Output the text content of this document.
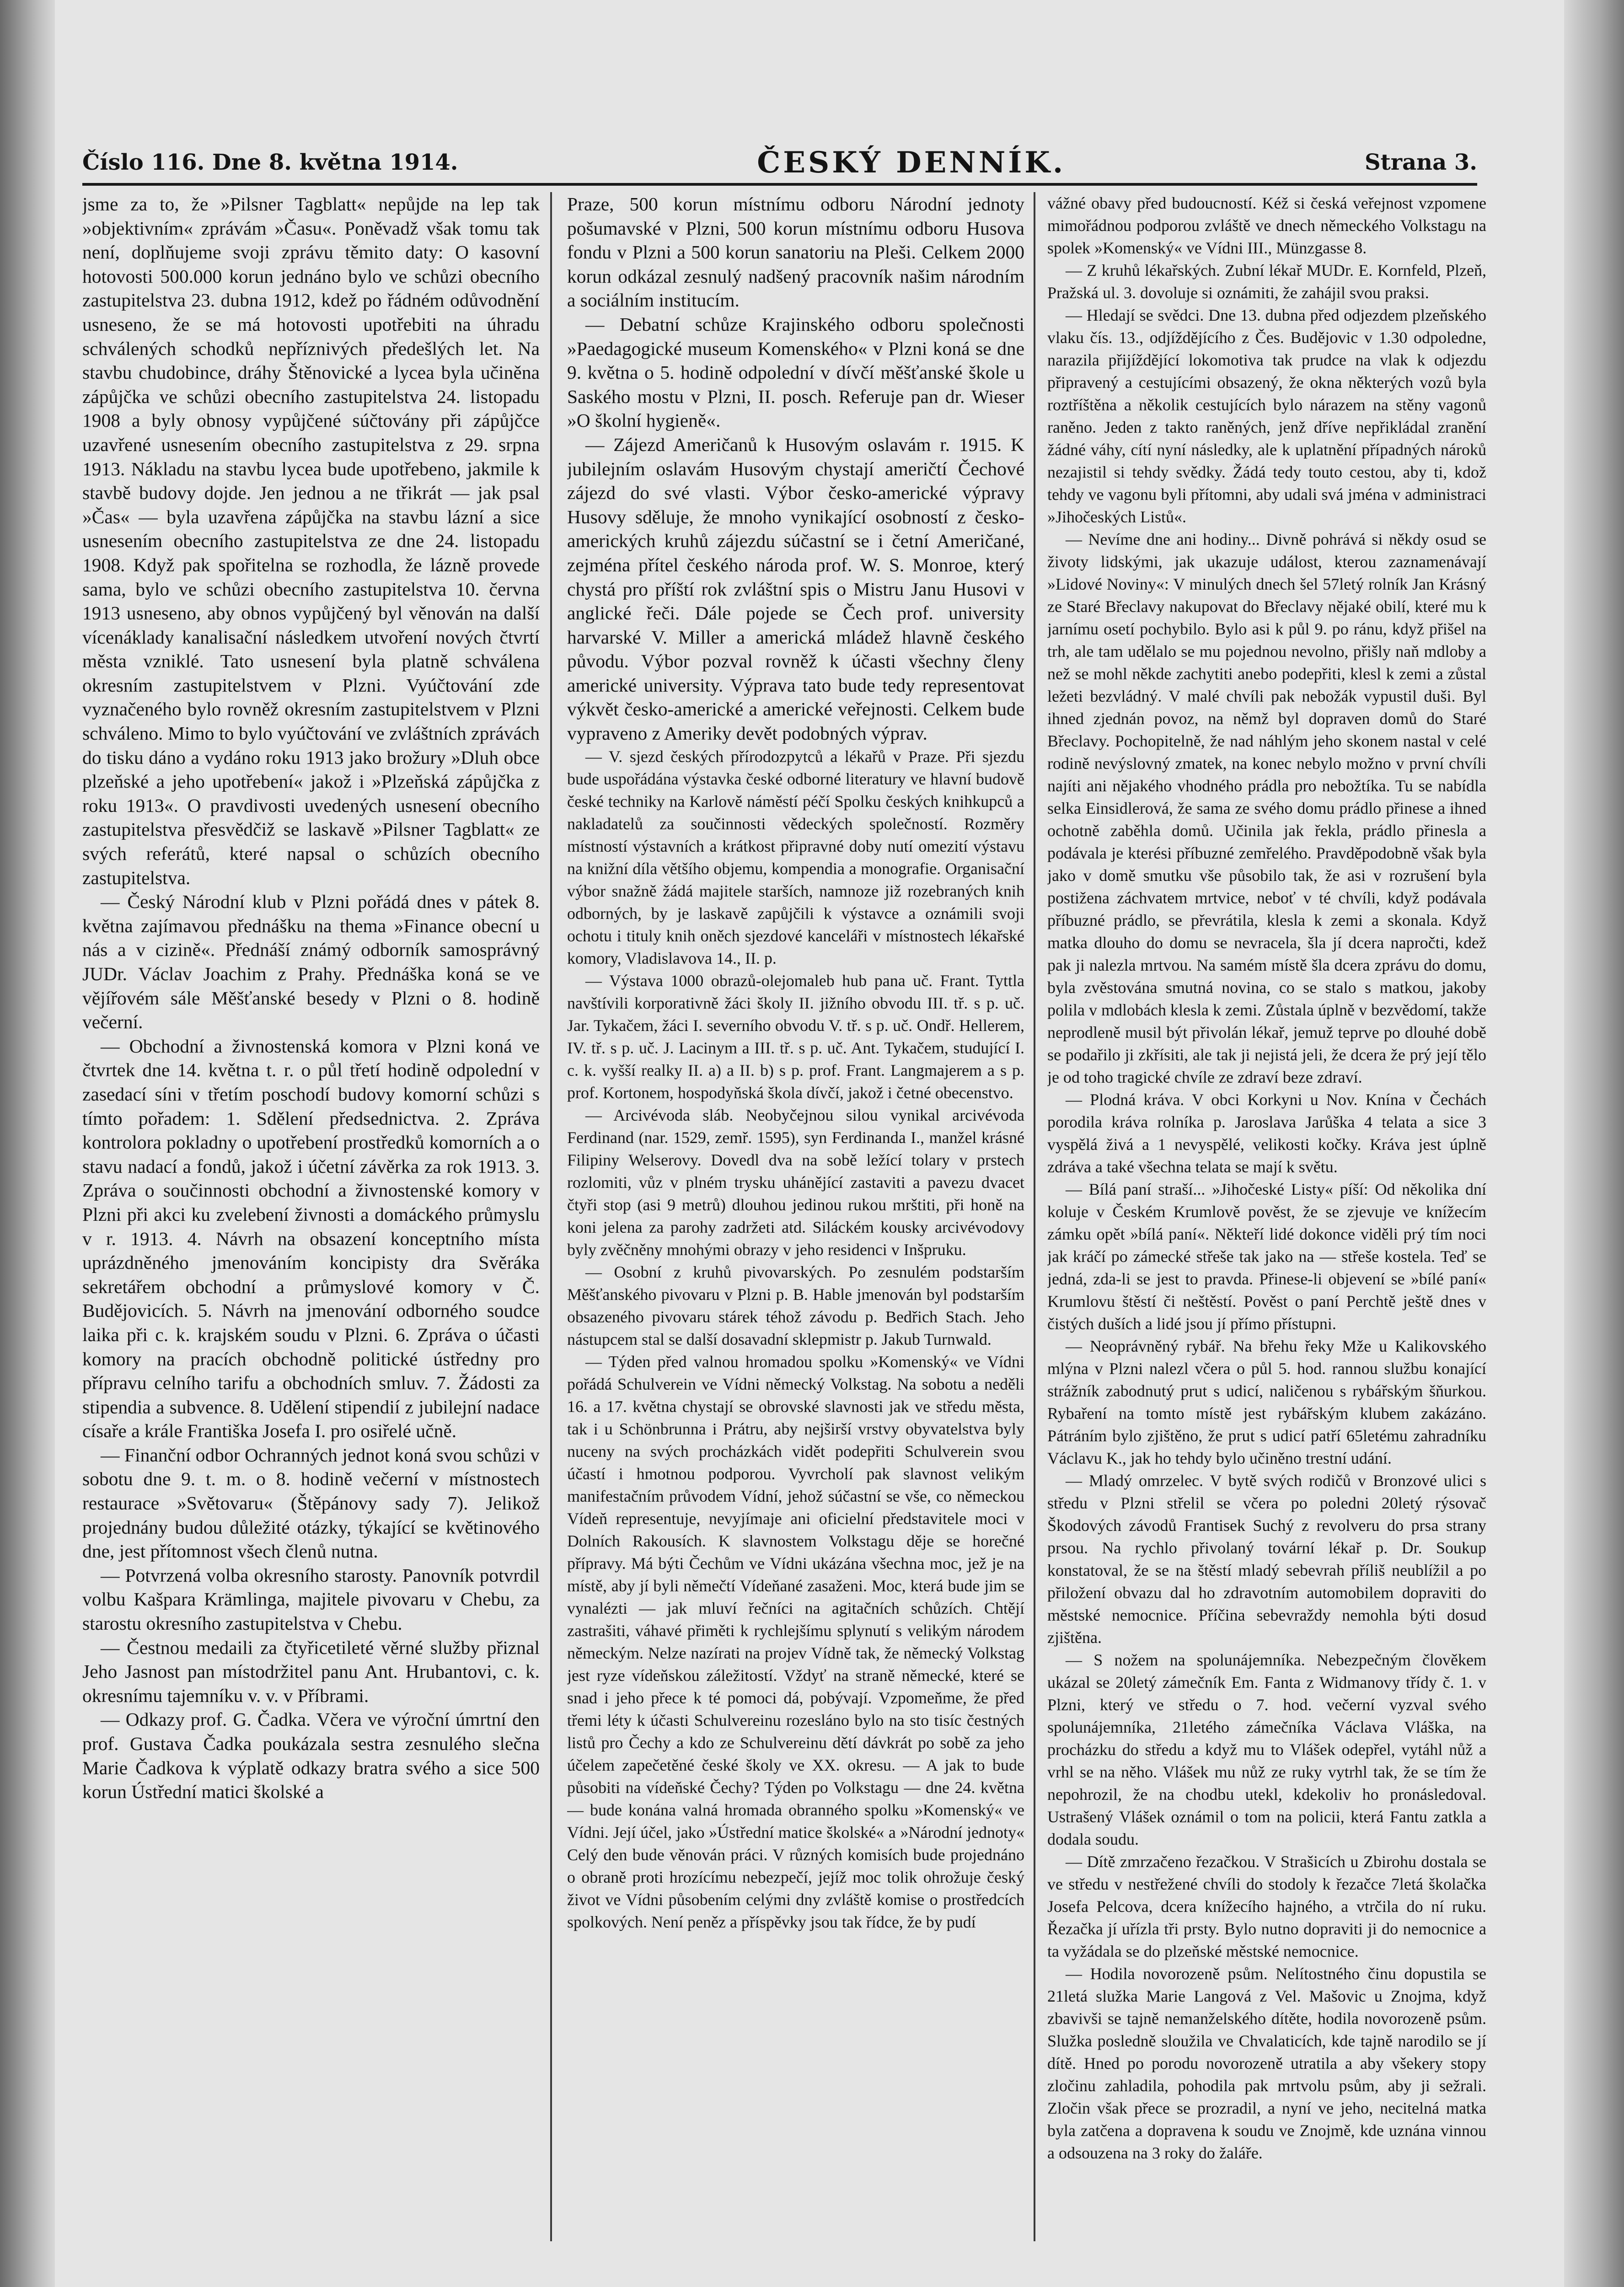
Číslo 116. Dne 8. května 1914.	ČESKÝ DENNÍK.	Strana 3.

jsme za to, že »Pilsner Tagblatt« nepůjde na lep tak »objektivním« zprávám »Času«. Poněvadž však tomu tak není, doplňujeme svoji zprávu těmito daty: O kasovní hotovosti 500.000 korun jednáno bylo ve schůzi obecního zastupitelstva 23. dubna 1912, kdež po řádném odůvodnění usneseno, že se má hotovosti upotřebiti na úhradu schválených schodků nepříznivých předešlých let. Na stavbu chudobince, dráhy Štěnovické a lycea byla učiněna zápůjčka ve schůzi obecního zastupitelstva 24. listopadu 1908 a byly obnosy vypůjčené súčtovány při zápůjčce uzavřené usnesením obecního zastupitelstva z 29. srpna 1913. Nákladu na stavbu lycea bude upotřebeno, jakmile k stavbě budovy dojde. Jen jednou a ne třikrát — jak psal »Čas« — byla uzavřena zápůjčka na stavbu lázní a sice usnesením obecního zastupitelstva ze dne 24. listopadu 1908. Když pak spořitelna se rozhodla, že lázně provede sama, bylo ve schůzi obecního zastupitelstva 10. června 1913 usneseno, aby obnos vypůjčený byl věnován na další vícenáklady kanalisační následkem utvoření nových čtvrtí města vzniklé. Tato usnesení byla platně schválena okresním zastupitelstvem v Plzni. Vyúčtování zde vyznačeného bylo rovněž okresním zastupitelstvem v Plzni schváleno. Mimo to bylo vyúčtování ve zvláštních zprávách do tisku dáno a vydáno roku 1913 jako brožury »Dluh obce plzeňské a jeho upotřebení« jakož i »Plzeňská zápůjčka z roku 1913«. O pravdivosti uvedených usnesení obecního zastupitelstva přesvědčiž se laskavě »Pilsner Tagblatt« ze svých referátů, které napsal o schůzích obecního zastupitelstva.

— Český Národní klub v Plzni pořádá dnes v pátek 8. května zajímavou přednášku na thema »Finance obecní u nás a v cizině«. Přednáší známý odborník samosprávný JUDr. Václav Joachim z Prahy. Přednáška koná se ve vějířovém sále Měšťanské besedy v Plzni o 8. hodině večerní.

— Obchodní a živnostenská komora v Plzni koná ve čtvrtek dne 14. května t. r. o půl třetí hodině odpolední v zasedací síni v třetím poschodí budovy komorní schůzi s tímto pořadem: 1. Sdělení předsednictva. 2. Zpráva kontrolora pokladny o upotřebení prostředků komorních a o stavu nadací a fondů, jakož i účetní závěrka za rok 1913. 3. Zpráva o součinnosti obchodní a živnostenské komory v Plzni při akci ku zvelebení živnosti a domáckého průmyslu v r. 1913. 4. Návrh na obsazení konceptního místa uprázdněného jmenováním koncipisty dra Svěráka sekretářem obchodní a průmyslové komory v Č. Budějovicích. 5. Návrh na jmenování odborného soudce laika při c. k. krajském soudu v Plzni. 6. Zpráva o účasti komory na pracích obchodně politické ústředny pro přípravu celního tarifu a obchodních smluv. 7. Žádosti za stipendia a subvence. 8. Udělení stipendií z jubilejní nadace císaře a krále Františka Josefa I. pro osiřelé učně.

— Finanční odbor Ochranných jednot koná svou schůzi v sobotu dne 9. t. m. o 8. hodině večerní v místnostech restaurace »Světovaru« (Štěpánovy sady 7). Jelikož projednány budou důležité otázky, týkající se květinového dne, jest přítomnost všech členů nutna.

— Potvrzená volba okresního starosty. Panovník potvrdil volbu Kašpara Krämlinga, majitele pivovaru v Chebu, za starostu okresního zastupitelstva v Chebu.

— Čestnou medaili za čtyřicetileté věrné služby přiznal Jeho Jasnost pan místodržitel panu Ant. Hrubantovi, c. k. okresnímu tajemníku v. v. v Příbrami.

— Odkazy prof. G. Čadka. Včera ve výroční úmrtní den prof. Gustava Čadka poukázala sestra zesnulého slečna Marie Čadkova k výplatě odkazy bratra svého a sice 500 korun Ústřední matici školské a

Praze, 500 korun místnímu odboru Národní jednoty pošumavské v Plzni, 500 korun místnímu odboru Husova fondu v Plzni a 500 korun sanatoriu na Pleši. Celkem 2000 korun odkázal zesnulý nadšený pracovník našim národním a sociálním institucím.

— Debatní schůze Krajinského odboru společnosti »Paedagogické museum Komenského« v Plzni koná se dne 9. května o 5. hodině odpolední v dívčí měšťanské škole u Saského mostu v Plzni, II. posch. Referuje pan dr. Wieser »O školní hygieně«.

— Zájezd Američanů k Husovým oslavám r. 1915. K jubilejním oslavám Husovým chystají američtí Čechové zájezd do své vlasti. Výbor česko-americké výpravy Husovy sděluje, že mnoho vynikající osobností z česko-amerických kruhů zájezdu súčastní se i četní Američané, zejména přítel českého národa prof. W. S. Monroe, který chystá pro příští rok zvláštní spis o Mistru Janu Husovi v anglické řeči. Dále pojede se Čech prof. university harvarské V. Miller a americká mládež hlavně českého původu. Výbor pozval rovněž k účasti všechny členy americké university. Výprava tato bude tedy representovat výkvět česko-americké a americké veřejnosti. Celkem bude vypraveno z Ameriky devět podobných výprav.

— V. sjezd českých přírodozpytců a lékařů v Praze. Při sjezdu bude uspořádána výstavka české odborné literatury ve hlavní budově české techniky na Karlově náměstí péčí Spolku českých knihkupců a nakladatelů za součinnosti vědeckých společností. Rozměry místností výstavních a krátkost připravné doby nutí omezití výstavu na knižní díla většího objemu, kompendia a monografie. Organisační výbor snažně žádá majitele starších, namnoze již rozebraných knih odborných, by je laskavě zapůjčili k výstavce a oznámili svoji ochotu i tituly knih oněch sjezdové kanceláři v místnostech lékařské komory, Vladislavova 14., II. p.

— Výstava 1000 obrazů-olejomaleb hub pana uč. Frant. Tyttla navštívili korporativně žáci školy II. jižního obvodu III. tř. s p. uč. Jar. Tykačem, žáci I. severního obvodu V. tř. s p. uč. Ondř. Hellerem, IV. tř. s p. uč. J. Lacinym a III. tř. s p. uč. Ant. Tykačem, studující I. c. k. vyšší realky II. a) a II. b) s p. prof. Frant. Langmajerem a s p. prof. Kortonem, hospodyňská škola dívčí, jakož i četné obecenstvo.

— Arcivévoda sláb. Neobyčejnou silou vynikal arcivévoda Ferdinand (nar. 1529, zemř. 1595), syn Ferdinanda I., manžel krásné Filipiny Welserovy. Dovedl dva na sobě ležící tolary v prstech rozlomiti, vůz v plném trysku uhánějící zastaviti a pavezu dvacet čtyři stop (asi 9 metrů) dlouhou jedinou rukou mrštiti, při honě na koni jelena za parohy zadržeti atd. Siláckém kousky arcivévodovy byly zvěčněny mnohými obrazy v jeho residenci v Inšpruku.

— Osobní z kruhů pivovarských. Po zesnulém podstarším Měšťanského pivovaru v Plzni p. B. Hable jmenován byl podstarším obsazeného pivovaru stárek téhož závodu p. Bedřich Stach. Jeho nástupcem stal se další dosavadní sklepmistr p. Jakub Turnwald.

— Týden před valnou hromadou spolku »Komenský« ve Vídni pořádá Schulverein ve Vídni německý Volkstag. Na sobotu a neděli 16. a 17. května chystají se obrovské slavnosti jak ve středu města, tak i u Schönbrunna i Prátru, aby nejširší vrstvy obyvatelstva byly nuceny na svých procházkách vidět podepřiti Schulverein svou účastí i hmotnou podporou. Vyvrcholí pak slavnost velikým manifestačním průvodem Vídní, jehož súčastní se vše, co německou Vídeň representuje, nevyjímaje ani oficielní představitele moci v Dolních Rakousích. K slavnostem Volkstagu děje se horečné přípravy. Má býti Čechům ve Vídni ukázána všechna moc, jež je na místě, aby jí byli němečtí Vídeňané zasaženi. Moc, která bude jim se vynalézti — jak mluví řečníci na agitačních schůzích. Chtějí zastrašiti, váhavé přiměti k rychlejšímu splynutí s velikým národem německým. Nelze nazírati na projev Vídně tak, že německý Volkstag jest ryze vídeňskou záležitostí. Vždyť na straně německé, které se snad i jeho přece k té pomoci dá, pobývají. Vzpomeňme, že před třemi léty k účasti Schulvereinu rozesláno bylo na sto tisíc čestných listů pro Čechy a kdo ze Schulvereinu dětí dávkrát po sobě za jeho účelem zapečetěné české školy ve XX. okresu. — A jak to bude působiti na vídeňské Čechy? Týden po Volkstagu — dne 24. května — bude konána valná hromada obranného spolku »Komenský« ve Vídni. Její účel, jako »Ústřední matice školské« a »Národní jednoty« Celý den bude věnován práci. V různých komisích bude projednáno o obraně proti hrozícímu nebezpečí, jejíž moc tolik ohrožuje český život ve Vídni působením celými dny zvláště komise o prostředcích spolkových. Není peněz a příspěvky jsou tak řídce, že by pudí

vážné obavy před budoucností. Kéž si česká veřejnost vzpomene mimořádnou podporou zvláště ve dnech německého Volkstagu na spolek »Komenský« ve Vídni III., Münzgasse 8.

— Z kruhů lékařských. Zubní lékař MUDr. E. Kornfeld, Plzeň, Pražská ul. 3. dovoluje si oznámiti, že zahájil svou praksi.

— Hledají se svědci. Dne 13. dubna před odjezdem plzeňského vlaku čís. 13., odjíždějícího z Čes. Budějovic v 1.30 odpoledne, narazila přijíždějící lokomotiva tak prudce na vlak k odjezdu připravený a cestujícími obsazený, že okna některých vozů byla roztříštěna a několik cestujících bylo nárazem na stěny vagonů raněno. Jeden z takto raněných, jenž dříve nepřikládal zranění žádné váhy, cítí nyní následky, ale k uplatnění případných nároků nezajistil si tehdy svědky. Žádá tedy touto cestou, aby ti, kdož tehdy ve vagonu byli přítomni, aby udali svá jména v administraci »Jihočeských Listů«.

— Nevíme dne ani hodiny... Divně pohrává si někdy osud se životy lidskými, jak ukazuje událost, kterou zaznamenávají »Lidové Noviny«: V minulých dnech šel 57letý rolník Jan Krásný ze Staré Břeclavy nakupovat do Břeclavy nějaké obilí, které mu k jarnímu osetí pochybilo. Bylo asi k půl 9. po ránu, když přišel na trh, ale tam udělalo se mu pojednou nevolno, přišly naň mdloby a než se mohl někde zachytiti anebo podepřiti, klesl k zemi a zůstal ležeti bezvládný. V malé chvíli pak nebožák vypustil duši. Byl ihned zjednán povoz, na němž byl dopraven domů do Staré Břeclavy. Pochopitelně, že nad náhlým jeho skonem nastal v celé rodině nevýslovný zmatek, na konec nebylo možno v první chvíli najíti ani nějakého vhodného prádla pro nebožtíka. Tu se nabídla selka Einsidlerová, že sama ze svého domu prádlo přinese a ihned ochotně zaběhla domů. Učinila jak řekla, prádlo přinesla a podávala je kterési příbuzné zemřelého. Pravděpodobně však byla jako v domě smutku vše působilo tak, že asi v rozrušení byla postižena záchvatem mrtvice, neboť v té chvíli, když podávala příbuzné prádlo, se převrátila, klesla k zemi a skonala. Když matka dlouho do domu se nevracela, šla jí dcera napročti, kdež pak ji nalezla mrtvou. Na samém místě šla dcera zprávu do domu, byla zvěstována smutná novina, co se stalo s matkou, jakoby polila v mdlobách klesla k zemi. Zůstala úplně v bezvědomí, takže neprodleně musil být přivolán lékař, jemuž teprve po dlouhé době se podařilo ji zkřísiti, ale tak ji nejistá jeli, že dcera že prý její tělo je od toho tragické chvíle ze zdraví beze zdraví.

— Plodná kráva. V obci Korkyni u Nov. Knína v Čechách porodila kráva rolníka p. Jaroslava Jarůška 4 telata a sice 3 vyspělá živá a 1 nevyspělé, velikosti kočky. Kráva jest úplně zdráva a také všechna telata se mají k světu.

— Bílá paní straší... »Jihočeské Listy« píší: Od několika dní koluje v Českém Krumlově pověst, že se zjevuje ve knížecím zámku opět »bílá paní«. Někteří lidé dokonce viděli prý tím noci jak kráčí po zámecké střeše tak jako na — střeše kostela. Teď se jedná, zda-li se jest to pravda. Přinese-li objevení se »bílé paní« Krumlovu štěstí či neštěstí. Pověst o paní Perchtě ještě dnes v čistých duších a lidé jsou jí přímo přístupni.

— Neoprávněný rybář. Na břehu řeky Mže u Kalikovského mlýna v Plzni nalezl včera o půl 5. hod. rannou službu konající strážník zabodnutý prut s udicí, naličenou s rybářským šňurkou. Rybaření na tomto místě jest rybářským klubem zakázáno. Pátráním bylo zjištěno, že prut s udicí patří 65letému zahradníku Václavu K., jak ho tehdy bylo učiněno trestní udání.

— Mladý omrzelec. V bytě svých rodičů v Bronzové ulici s středu v Plzni střelil se včera po poledni 20letý rýsovač Škodových závodů Frantisek Suchý z revolveru do prsa strany prsou. Na rychlo přivolaný tovární lékař p. Dr. Soukup konstatoval, že se na štěstí mladý sebevrah příliš neublížil a po přiložení obvazu dal ho zdravotním automobilem dopraviti do městské nemocnice. Příčina sebevraždy nemohla býti dosud zjištěna.

— S nožem na spolunájemníka. Nebezpečným člověkem ukázal se 20letý zámečník Em. Fanta z Widmanovy třídy č. 1. v Plzni, který ve středu o 7. hod. večerní vyzval svého spolunájemníka, 21letého zámečníka Václava Vláška, na procházku do středu a když mu to Vlášek odepřel, vytáhl nůž a vrhl se na něho. Vlášek mu nůž ze ruky vytrhl tak, že se tím že nepohrozil, že na chodbu utekl, kdekoliv ho pronásledoval. Ustrašený Vlášek oznámil o tom na policii, která Fantu zatkla a dodala soudu.

— Dítě zmrzačeno řezačkou. V Strašicích u Zbirohu dostala se ve středu v nestřežené chvíli do stodoly k řezačce 7letá školačka Josefa Pelcova, dcera knížecího hajného, a vtrčila do ní ruku. Řezačka jí uřízla tři prsty. Bylo nutno dopraviti ji do nemocnice a ta vyžádala se do plzeňské městské nemocnice.

— Hodila novorozeně psům. Nelítostného činu dopustila se 21letá služka Marie Langová z Vel. Mašovic u Znojma, když zbavivši se tajně nemanželského dítěte, hodila novorozeně psům. Služka posledně sloužila ve Chvalaticích, kde tajně narodilo se jí dítě. Hned po porodu novorozeně utratila a aby všekery stopy zločinu zahladila, pohodila pak mrtvolu psům, aby ji sežrali. Zločin však přece se prozradil, a nyní ve jeho, necitelná matka byla zatčena a dopravena k soudu ve Znojmě, kde uznána vinnou a odsouzena na 3 roky do žaláře.
